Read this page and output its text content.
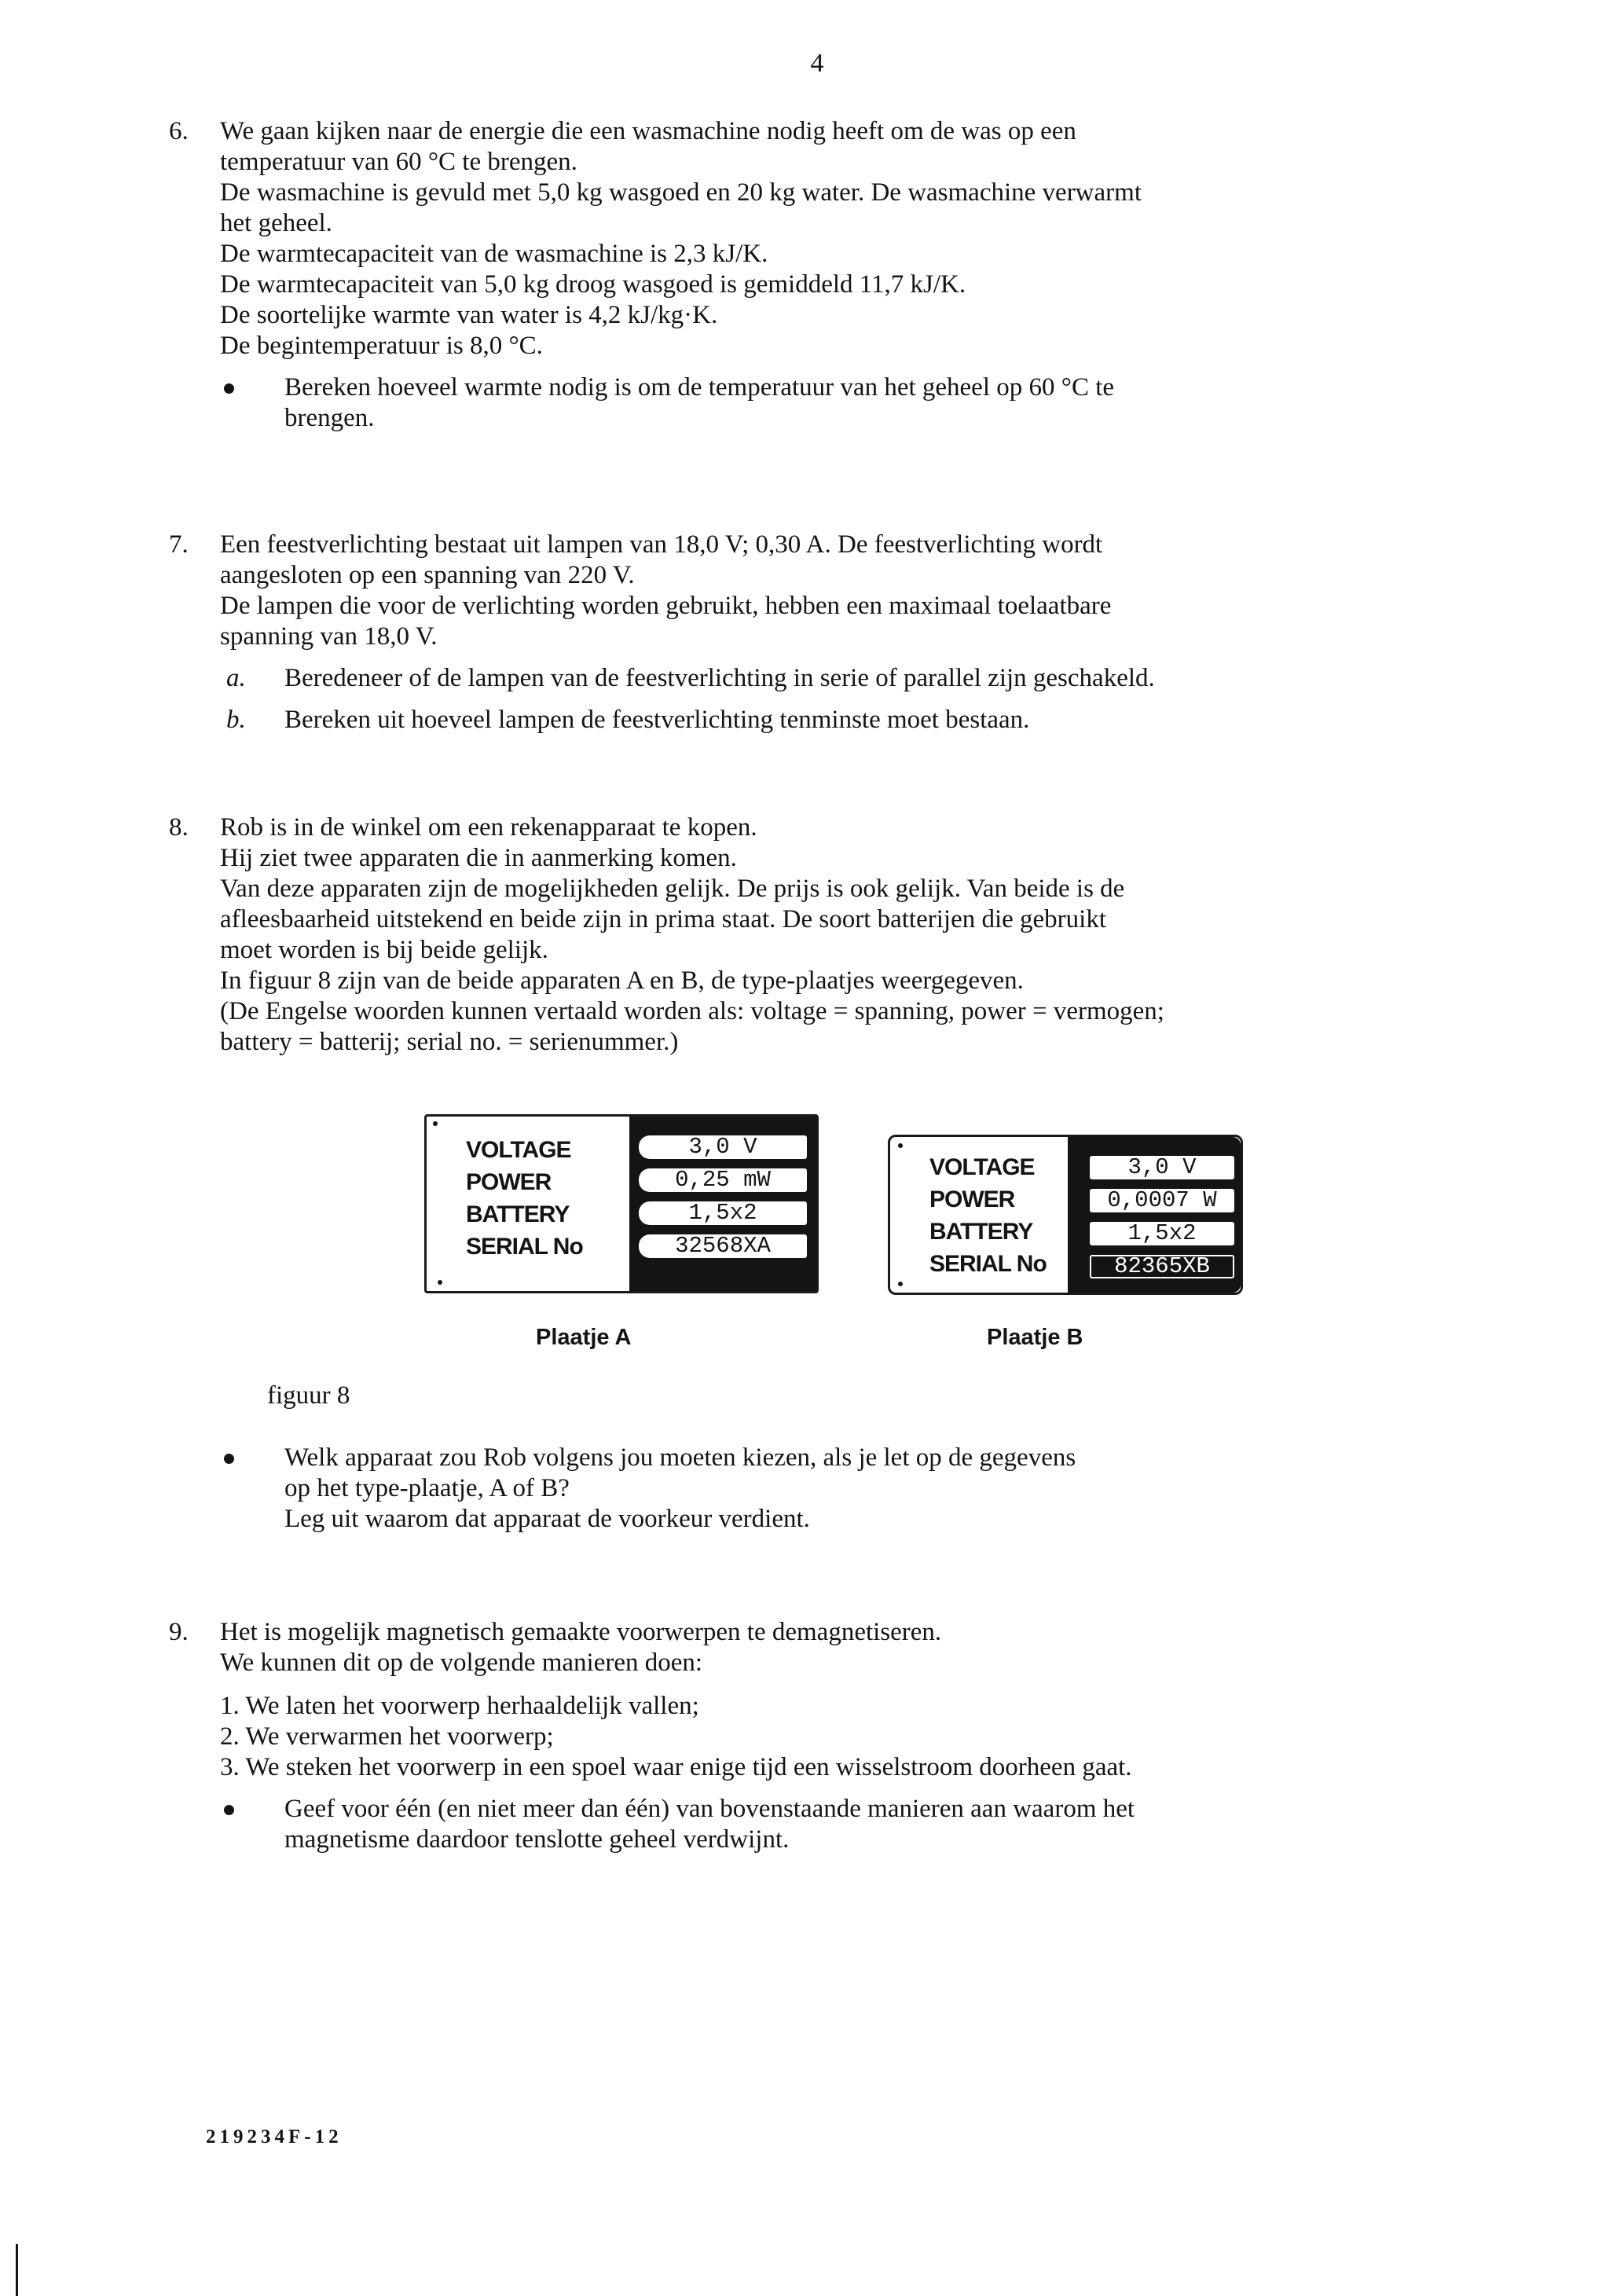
4
6. We gaan kijken naar de energie die een wasmachine nodig heeft om de was op een
temperatuur van 60 °C te brengen.
De wasmachine is gevuld met 5,0 kg wasgoed en 20 kg water. De wasmachine verwarmt
het geheel.
De warmtecapaciteit van de wasmachine is 2,3 kJ/K.
De warmtecapaciteit van 5,0 kg droog wasgoed is gemiddeld 11,7 kJ/K.
De soortelijke warmte van water is 4,2 kJ/kg·K.
De begintemperatuur is 8,0 °C.
Bereken hoeveel warmte nodig is om de temperatuur van het geheel op 60 °C te
brengen.
7. Een feestverlichting bestaat uit lampen van 18,0 V; 0,30 A. De feestverlichting wordt
aangesloten op een spanning van 220 V.
De lampen die voor de verlichting worden gebruikt, hebben een maximaal toelaatbare
spanning van 18,0 V.
a. Beredeneer of de lampen van de feestverlichting in serie of parallel zijn geschakeld.
b. Bereken uit hoeveel lampen de feestverlichting tenminste moet bestaan.
8. Rob is in de winkel om een rekenapparaat te kopen.
Hij ziet twee apparaten die in aanmerking komen.
Van deze apparaten zijn de mogelijkheden gelijk. De prijs is ook gelijk. Van beide is de
afleesbaarheid uitstekend en beide zijn in prima staat. De soort batterijen die gebruikt
moet worden is bij beide gelijk.
In figuur 8 zijn van de beide apparaten A en B, de type-plaatjes weergegeven.
(De Engelse woorden kunnen vertaald worden als: voltage = spanning, power = vermogen;
battery = batterij; serial no. = serienummer.)
VOLTAGE
POWER
BATTERY
SERIAL No
3,0 V
0,25 mW
1,5x2
32568XA
Plaatje A
VOLTAGE
POWER
BATTERY
SERIAL No
3,0 V
0,0007 W
1,5x2
82365XB
Plaatje B
figuur 8
Welk apparaat zou Rob volgens jou moeten kiezen, als je let op de gegevens
op het type-plaatje, A of B?
Leg uit waarom dat apparaat de voorkeur verdient.
9. Het is mogelijk magnetisch gemaakte voorwerpen te demagnetiseren.
We kunnen dit op de volgende manieren doen:
1. We laten het voorwerp herhaaldelijk vallen;
2. We verwarmen het voorwerp;
3. We steken het voorwerp in een spoel waar enige tijd een wisselstroom doorheen gaat.
Geef voor één (en niet meer dan één) van bovenstaande manieren aan waarom het
magnetisme daardoor tenslotte geheel verdwijnt.
219234F-12
